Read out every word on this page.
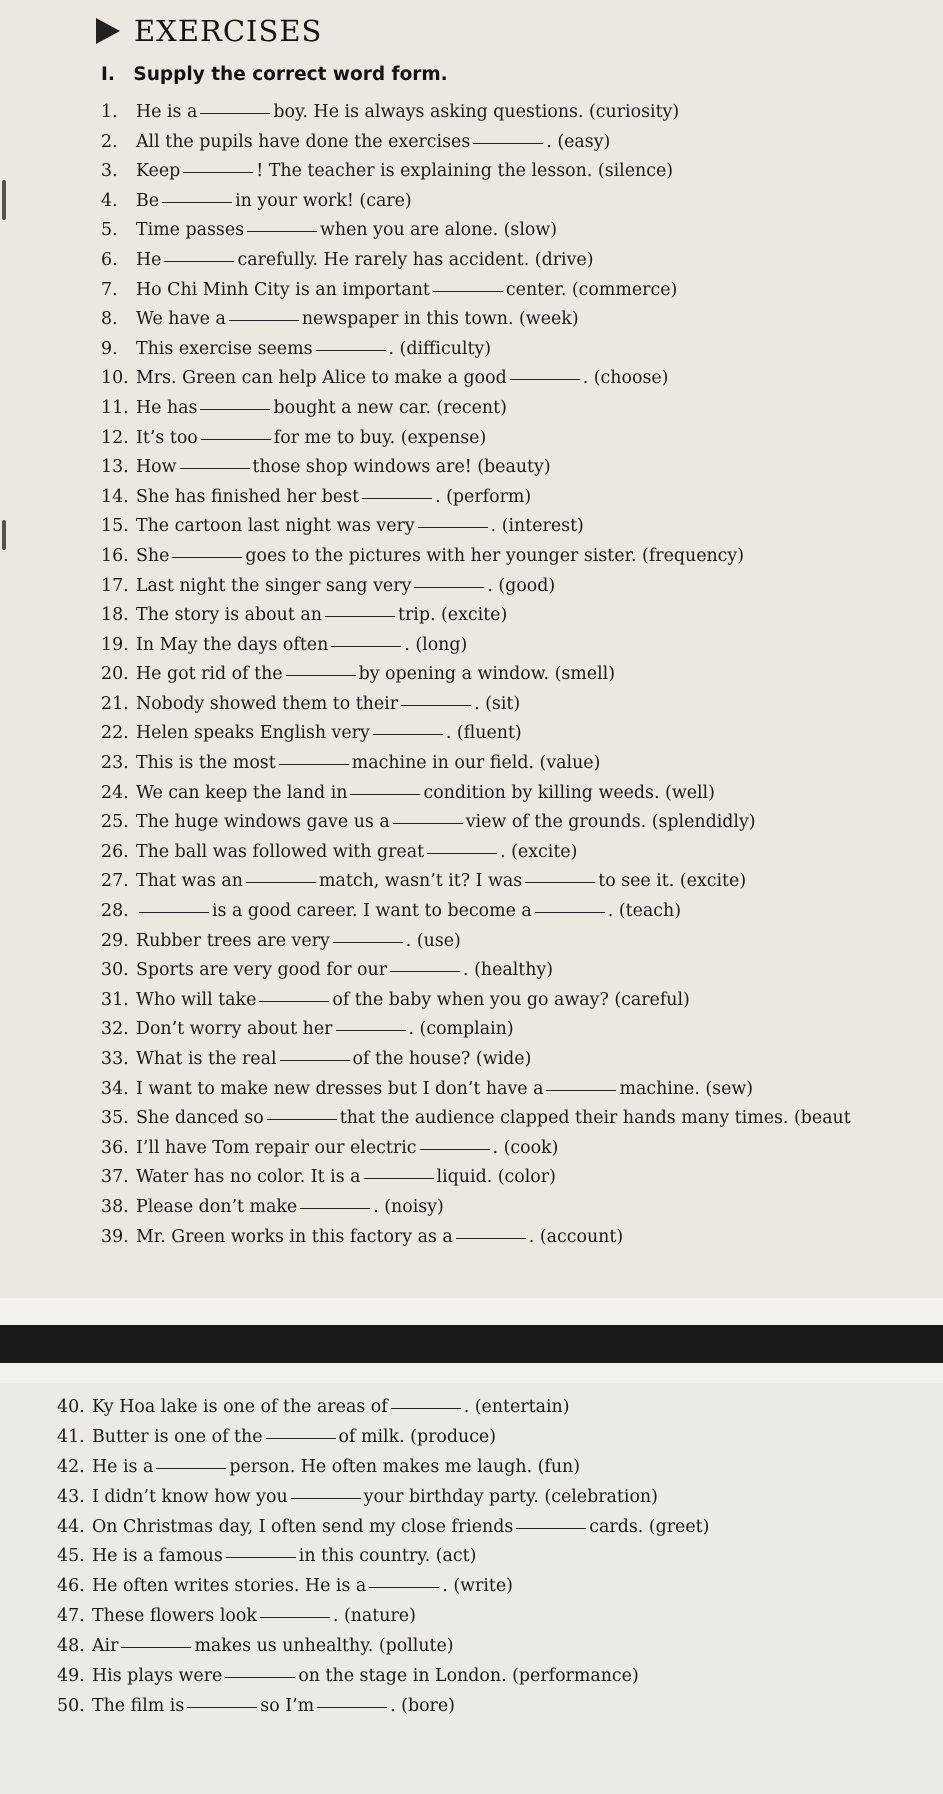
EXERCISES
I. Supply the correct word form.
1. He is a	boy. He is always asking questions. (curiosity)
2. All the pupils have done the exercises	. (easy)
3. Keep	! The teacher is explaining the lesson. (silence)
4. Be	in your work! (care)
5. Time passes	when you are alone. (slow)
6. He	carefully. He rarely has accident. (drive)
7. Ho Chi Minh City is an important	center. (commerce)
8. We have a	newspaper in this town. (week)
9. This exercise seems	. (difficulty)
10. Mrs. Green can help Alice to make a good	. (choose)
11. He has	bought a new car. (recent)
12. It’s too	for me to buy. (expense)
13. How	those shop windows are! (beauty)
14. She has finished her best	. (perform)
15. The cartoon last night was very	. (interest)
16. She	goes to the pictures with her younger sister. (frequency)
17. Last night the singer sang very	. (good)
18. The story is about an	trip. (excite)
19. In May the days often	. (long)
20. He got rid of the	by opening a window. (smell)
21. Nobody showed them to their	. (sit)
22. Helen speaks English very	. (fluent)
23. This is the most	machine in our field. (value)
24. We can keep the land in	condition by killing weeds. (well)
25. The huge windows gave us a	view of the grounds. (splendidly)
26. The ball was followed with great	. (excite)
27. That was an	match, wasn’t it? I was	to see it. (excite)
28.	is a good career. I want to become a	. (teach)
29. Rubber trees are very	. (use)
30. Sports are very good for our	. (healthy)
31. Who will take	of the baby when you go away? (careful)
32. Don’t worry about her	. (complain)
33. What is the real	of the house? (wide)
34. I want to make new dresses but I don’t have a	machine. (sew)
35. She danced so	that the audience clapped their hands many times. (beaut
36. I’ll have Tom repair our electric	. (cook)
37. Water has no color. It is a	liquid. (color)
38. Please don’t make	. (noisy)
39. Mr. Green works in this factory as a	. (account)
40. Ky Hoa lake is one of the areas of	. (entertain)
41. Butter is one of the	of milk. (produce)
42. He is a	person. He often makes me laugh. (fun)
43. I didn’t know how you	your birthday party. (celebration)
44. On Christmas day, I often send my close friends	cards. (greet)
45. He is a famous	in this country. (act)
46. He often writes stories. He is a	. (write)
47. These flowers look	. (nature)
48. Air	makes us unhealthy. (pollute)
49. His plays were	on the stage in London. (performance)
50. The film is	so I’m	. (bore)
